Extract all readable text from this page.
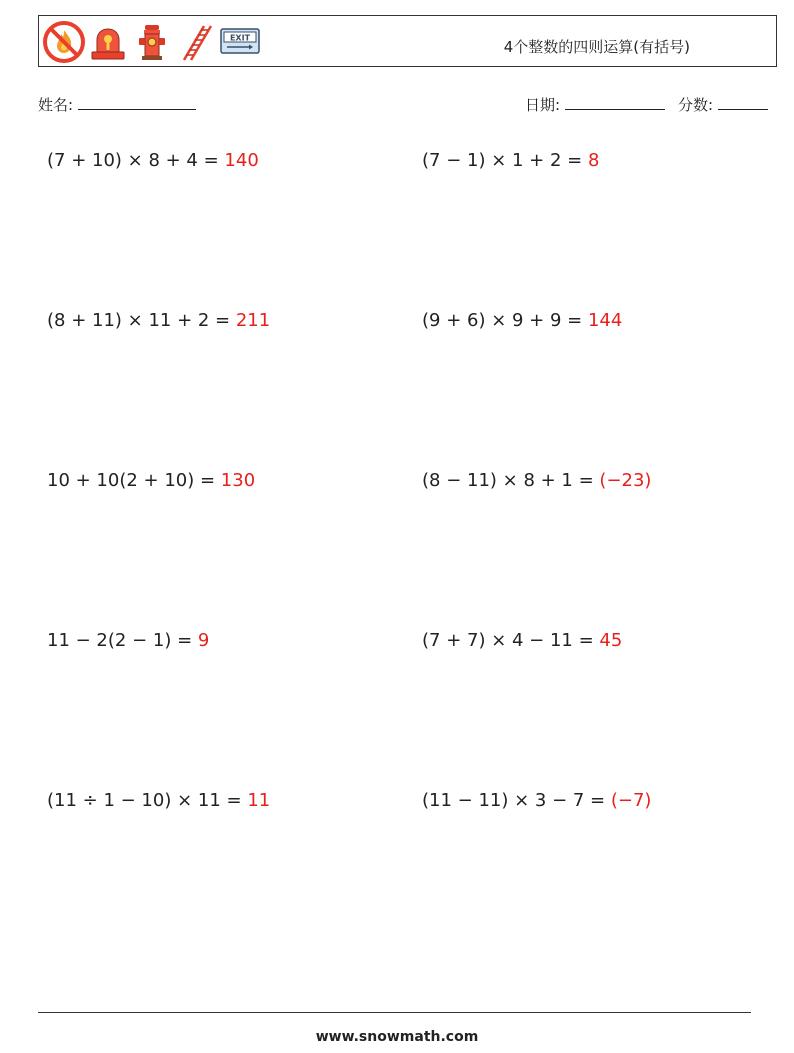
EXIT	4个整数的四则运算(有括号)
姓名:	日期:	分数:
(7 + 10) × 8 + 4 = 140	(7 − 1) × 1 + 2 = 8
(8 + 11) × 11 + 2 = 211	(9 + 6) × 9 + 9 = 144
10 + 10(2 + 10) = 130	(8 − 11) × 8 + 1 = (−23)
11 − 2(2 − 1) = 9	(7 + 7) × 4 − 11 = 45
(11 ÷ 1 − 10) × 11 = 11	(11 − 11) × 3 − 7 = (−7)
www.snowmath.com
